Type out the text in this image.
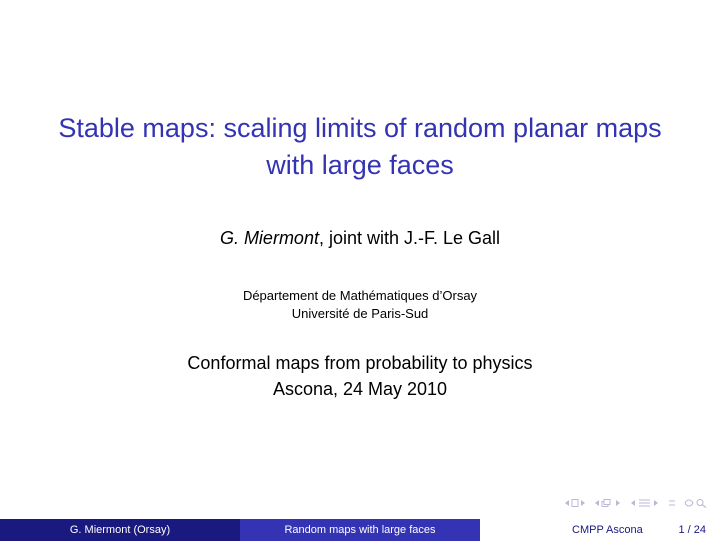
Stable maps: scaling limits of random planar maps
with large faces
G. Miermont, joint with J.-F. Le Gall
Département de Mathématiques d’Orsay
Université de Paris-Sud
Conformal maps from probability to physics
Ascona, 24 May 2010
G. Miermont (Orsay)	Random maps with large faces	CMPP Ascona	1 / 24
